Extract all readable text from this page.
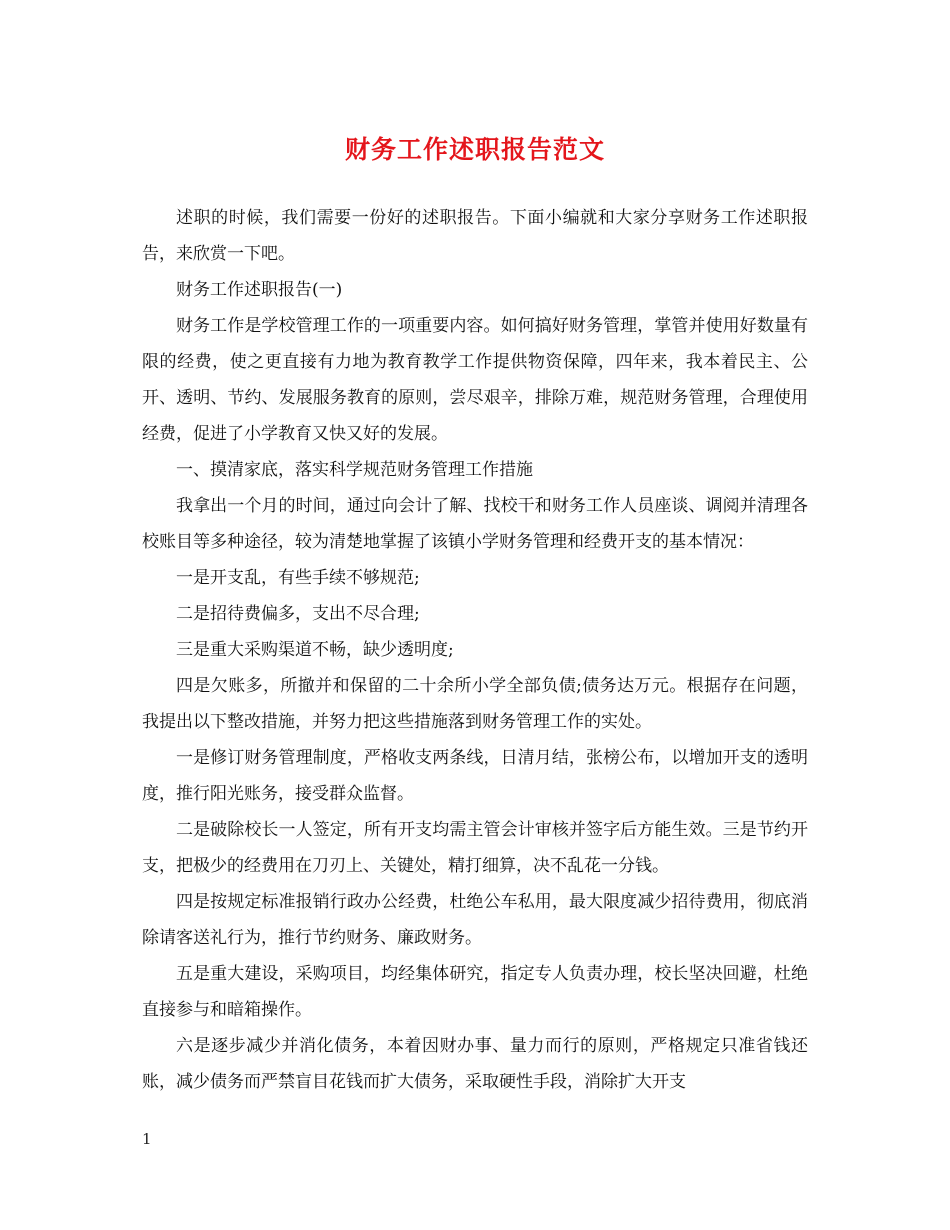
财务工作述职报告范文

述职的时候，我们需要一份好的述职报告。下面小编就和大家分享财务工作述职报告，来欣赏一下吧。

财务工作述职报告(一)

财务工作是学校管理工作的一项重要内容。如何搞好财务管理，掌管并使用好数量有限的经费，使之更直接有力地为教育教学工作提供物资保障，四年来，我本着民主、公开、透明、节约、发展服务教育的原则，尝尽艰辛，排除万难，规范财务管理，合理使用经费，促进了小学教育又快又好的发展。

一、摸清家底，落实科学规范财务管理工作措施

我拿出一个月的时间，通过向会计了解、找校干和财务工作人员座谈、调阅并清理各校账目等多种途径，较为清楚地掌握了该镇小学财务管理和经费开支的基本情况：

一是开支乱，有些手续不够规范;

二是招待费偏多，支出不尽合理;

三是重大采购渠道不畅，缺少透明度;

四是欠账多，所撤并和保留的二十余所小学全部负债;债务达万元。根据存在问题，我提出以下整改措施，并努力把这些措施落到财务管理工作的实处。

一是修订财务管理制度，严格收支两条线，日清月结，张榜公布，以增加开支的透明度，推行阳光账务，接受群众监督。

二是破除校长一人签定，所有开支均需主管会计审核并签字后方能生效。三是节约开支，把极少的经费用在刀刃上、关键处，精打细算，决不乱花一分钱。

四是按规定标准报销行政办公经费，杜绝公车私用，最大限度减少招待费用，彻底消除请客送礼行为，推行节约财务、廉政财务。

五是重大建设，采购项目，均经集体研究，指定专人负责办理，校长坚决回避，杜绝直接参与和暗箱操作。

六是逐步减少并消化债务，本着因财办事、量力而行的原则，严格规定只准省钱还账，减少债务而严禁盲目花钱而扩大债务，采取硬性手段，消除扩大开支

1
